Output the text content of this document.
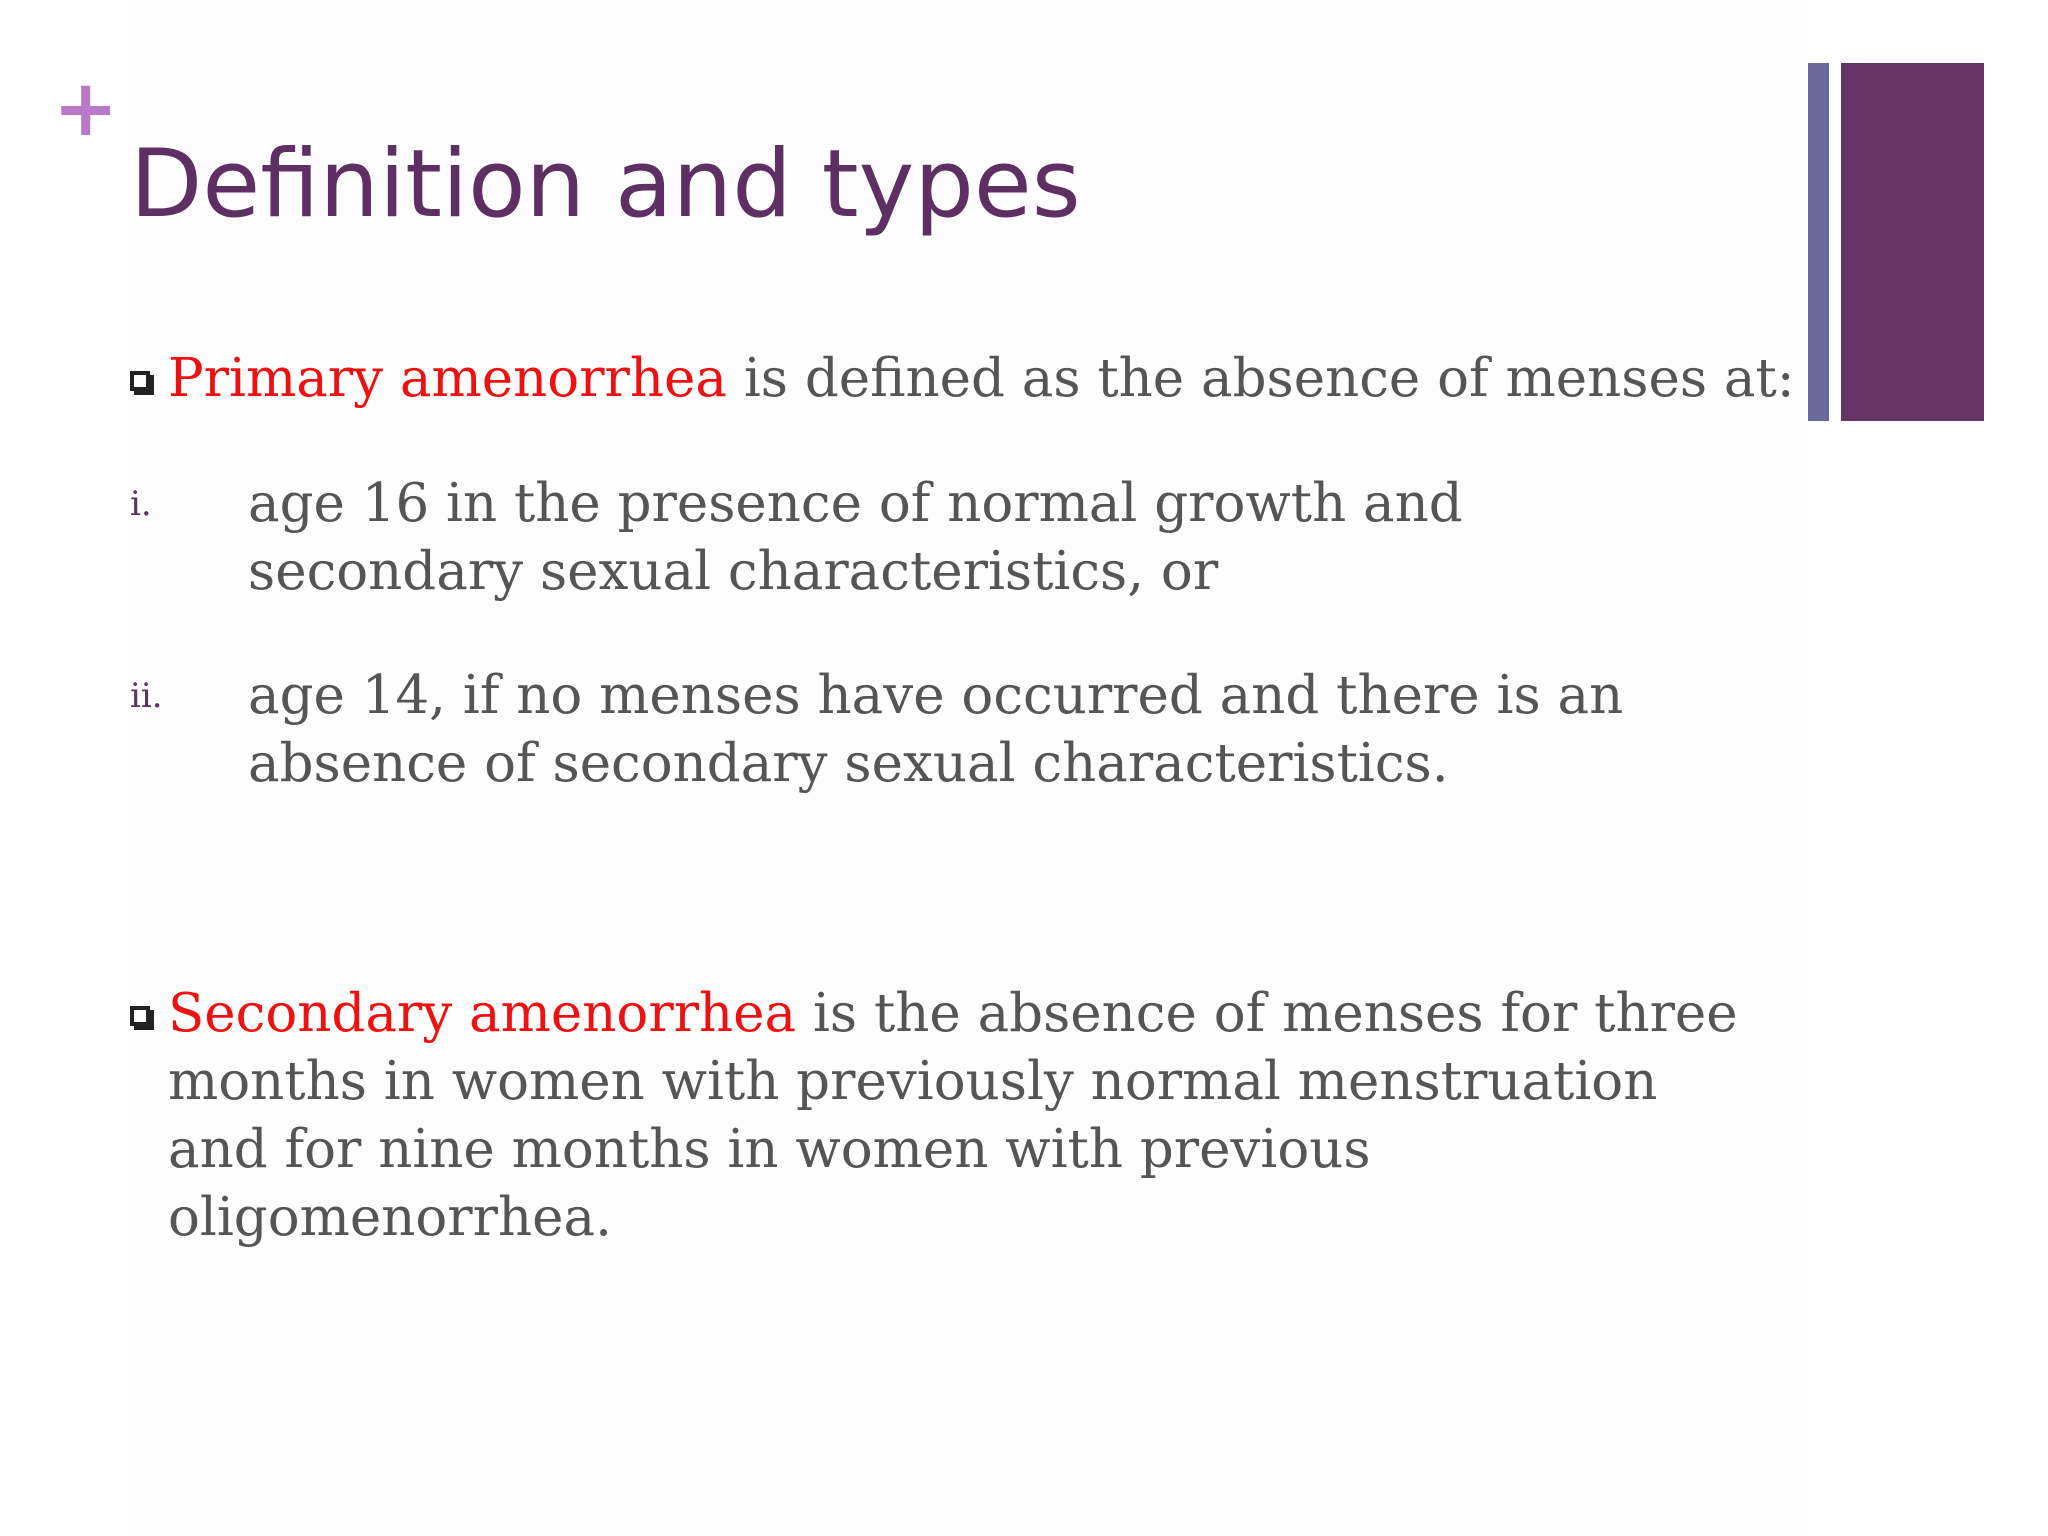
+
Definition and types
Primary amenorrhea is defined as the absence of menses at:
i.	age 16 in the presence of normal growth and secondary sexual characteristics, or
ii.	age 14, if no menses have occurred and there is an absence of secondary sexual characteristics.
Secondary amenorrhea is the absence of menses for three months in women with previously normal menstruation and for nine months in women with previous oligomenorrhea.
